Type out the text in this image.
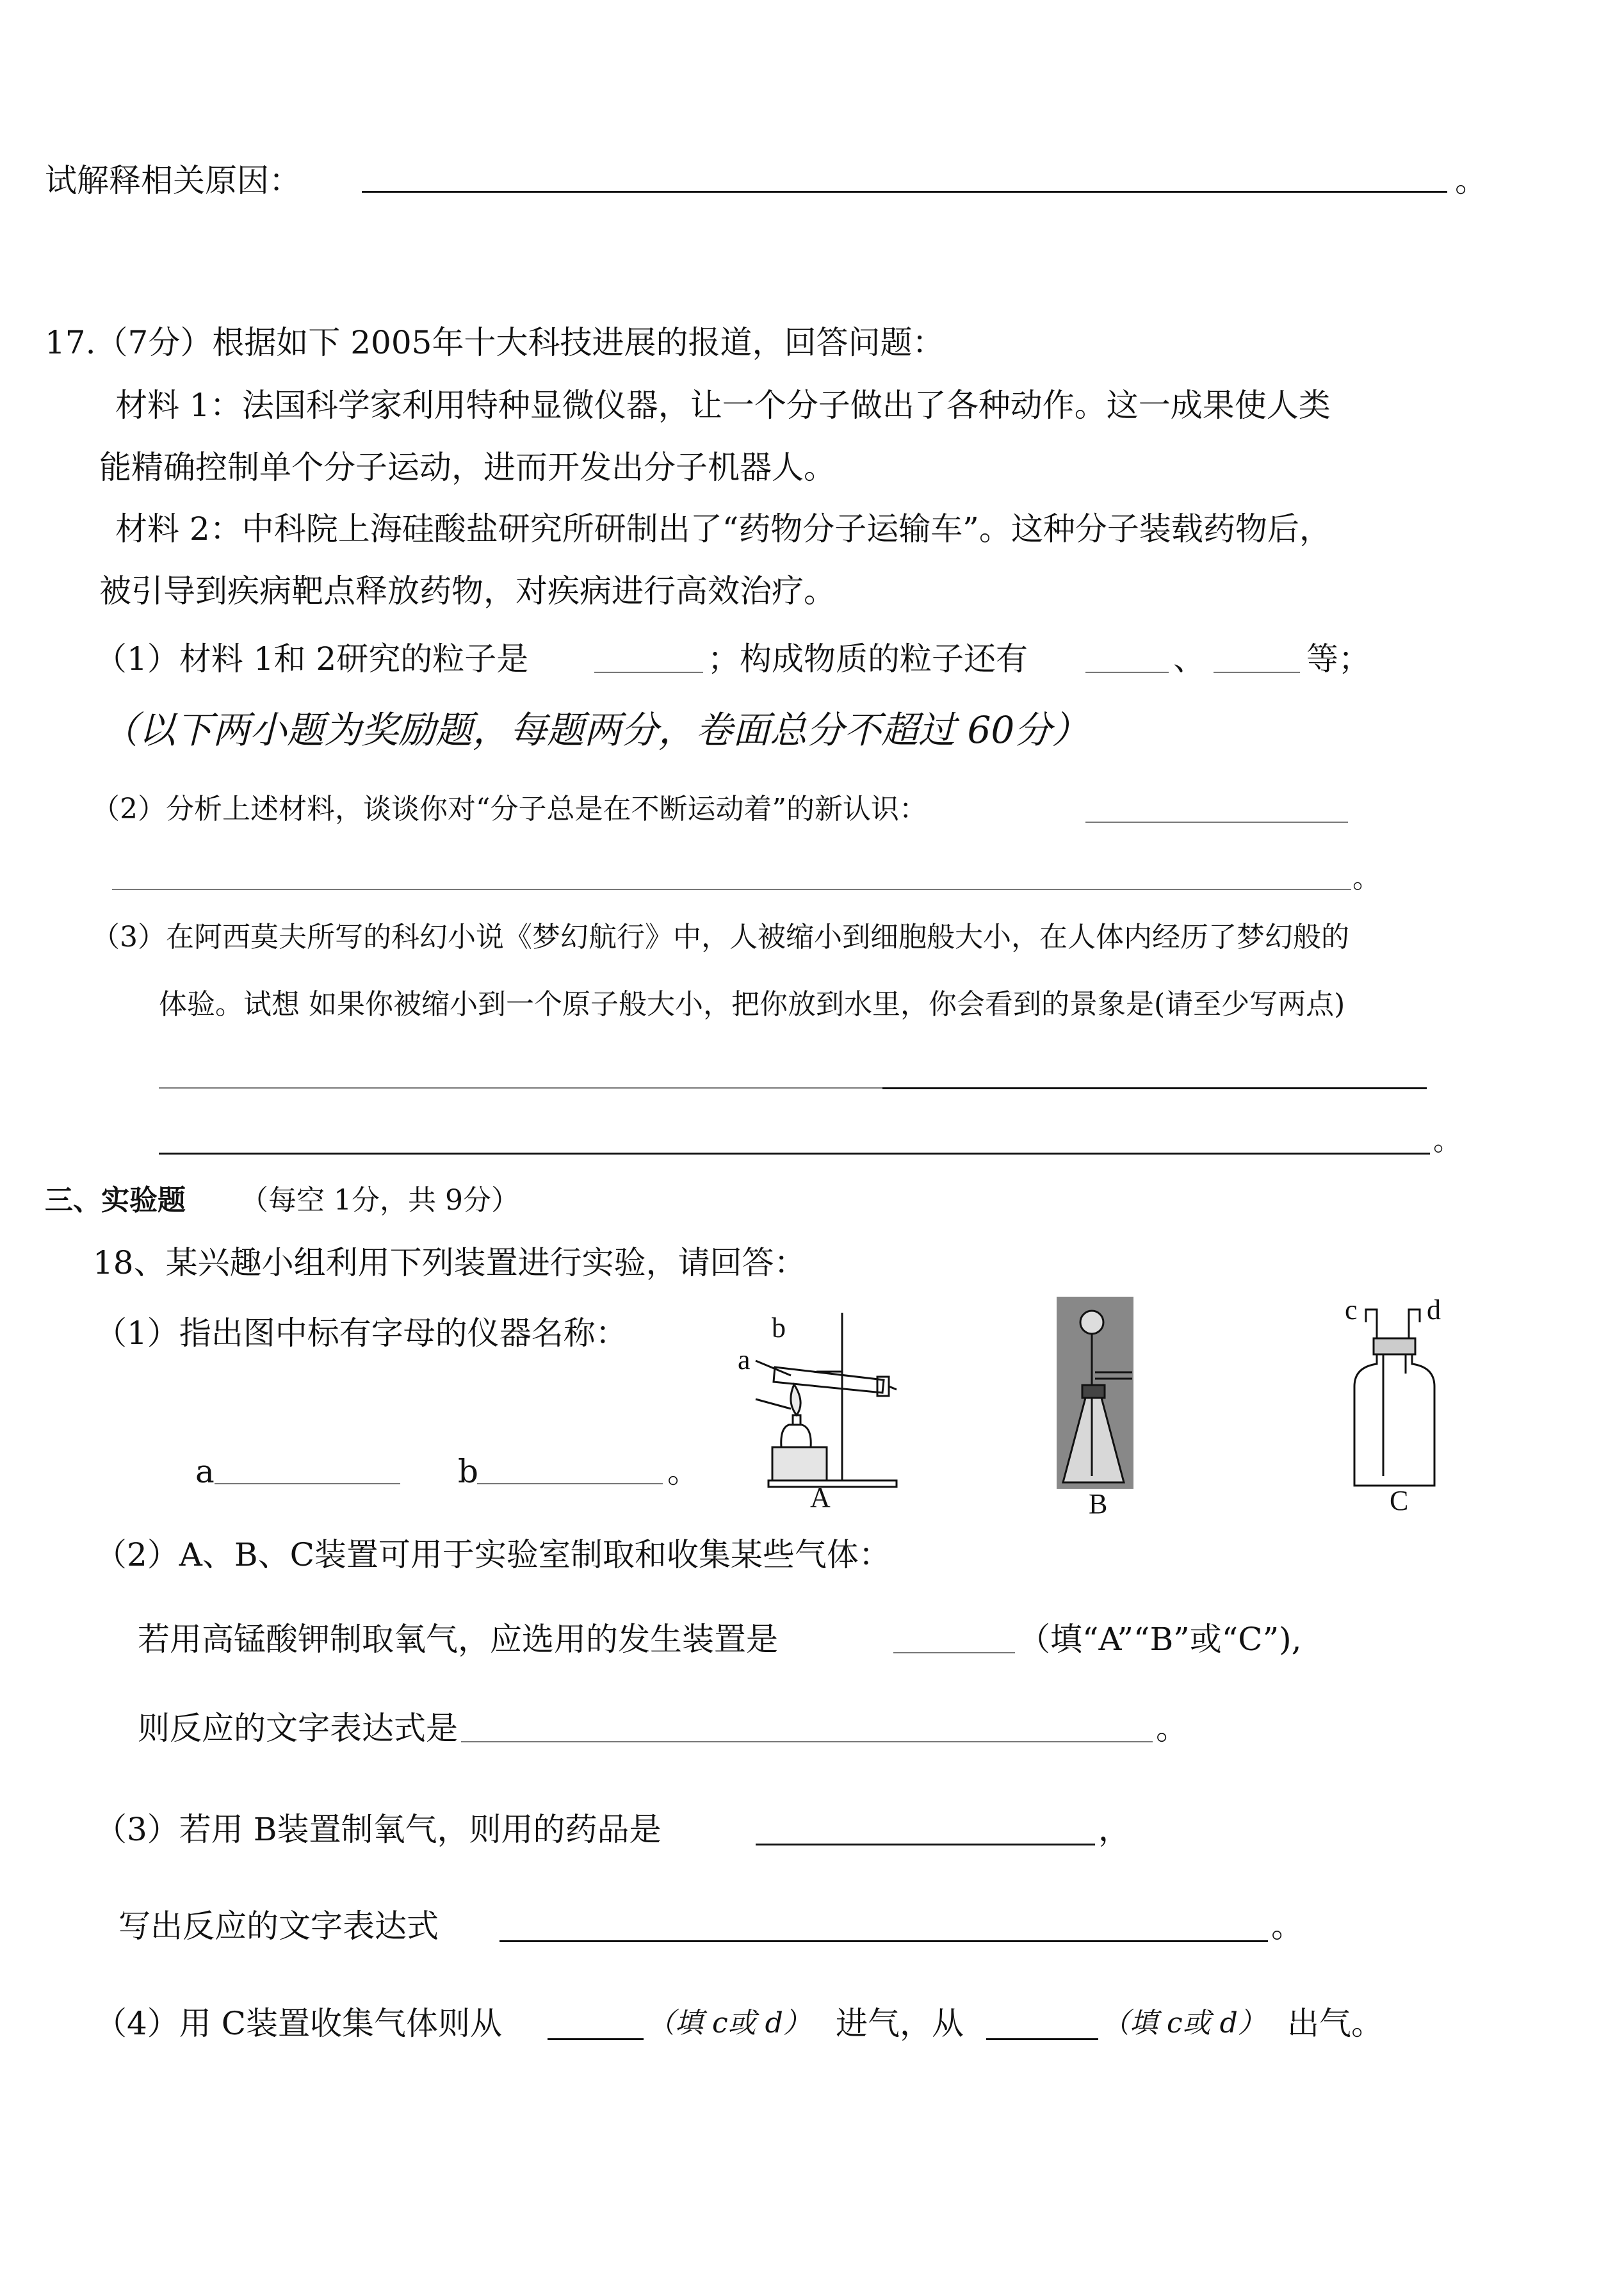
试解释相关原因：	。
17.（7分）根据如下 2005年十大科技进展的报道，回答问题：
材料 1：法国科学家利用特种显微仪器，让一个分子做出了各种动作。这一成果使人类
能精确控制单个分子运动，进而开发出分子机器人。
材料 2：中科院上海硅酸盐研究所研制出了“药物分子运输车”。这种分子装载药物后，
被引导到疾病靶点释放药物，对疾病进行高效治疗。
（1）材料 1和 2研究的粒子是	；构成物质的粒子还有	、	等；
（以下两小题为奖励题，每题两分，卷面总分不超过 60分）
（2）分析上述材料，谈谈你对“分子总是在不断运动着”的新认识：
。
（3）在阿西莫夫所写的科幻小说《梦幻航行》中，人被缩小到细胞般大小，在人体内经历了梦幻般的
体验。试想 如果你被缩小到一个原子般大小，把你放到水里，你会看到的景象是(请至少写两点)
。
三、实验题 （每空 1分，共 9分）
18、某兴趣小组利用下列装置进行实验，请回答：
（1）指出图中标有字母的仪器名称：
a	b	。
a
b
A	B
c d
C
（2）A、B、C装置可用于实验室制取和收集某些气体：
若用高锰酸钾制取氧气，应选用的发生装置是	（填“A”“B”或“C”),
则反应的文字表达式是	。
（3）若用 B装置制氧气，则用的药品是	，
写出反应的文字表达式	。
（4）用 C装置收集气体则从	（填 c或 d） 进气，从	（填 c或 d） 出气。
